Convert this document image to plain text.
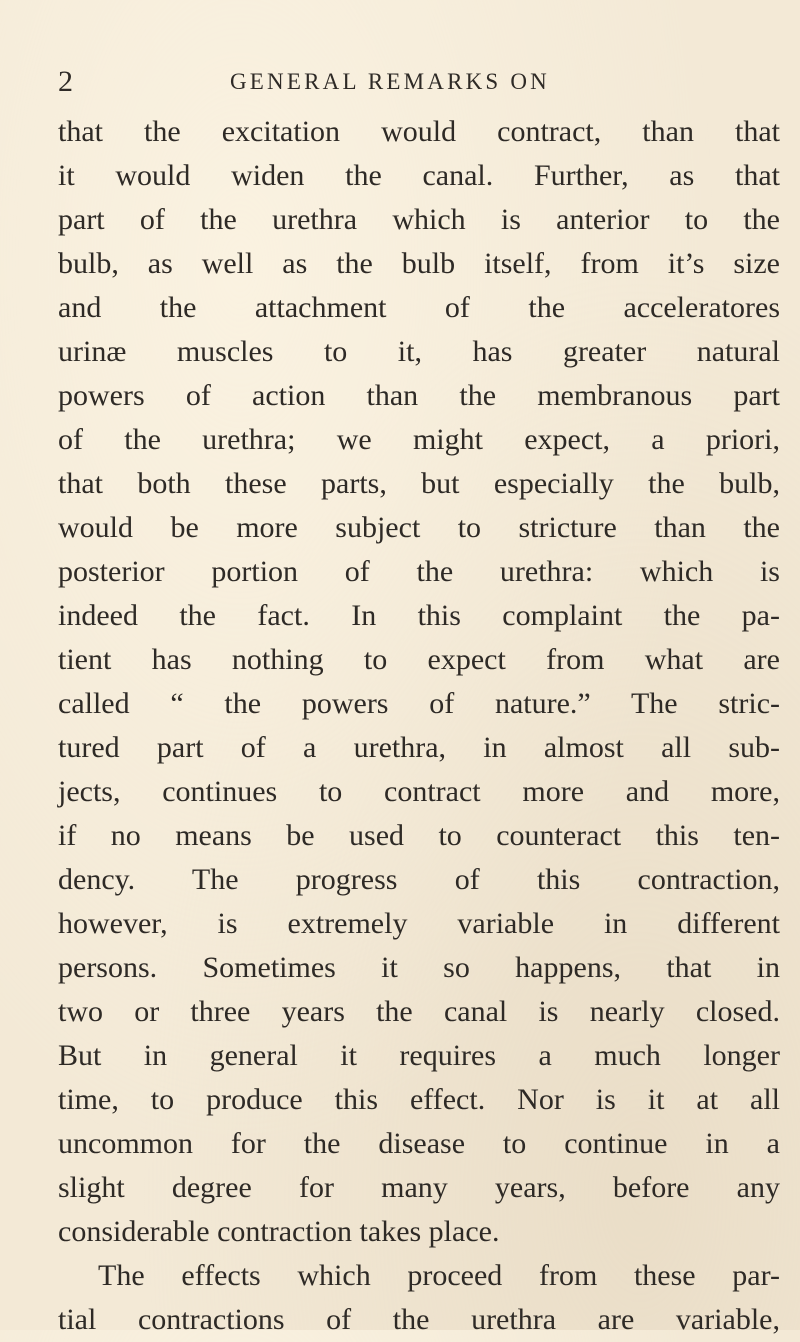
2	GENERAL REMARKS ON
that the excitation would contract, than that
it would widen the canal. Further, as that
part of the urethra which is anterior to the
bulb, as well as the bulb itself, from it’s size
and the attachment of the acceleratores
urinæ muscles to it, has greater natural
powers of action than the membranous part
of the urethra; we might expect, a priori,
that both these parts, but especially the bulb,
would be more subject to stricture than the
posterior portion of the urethra: which is
indeed the fact. In this complaint the pa-
tient has nothing to expect from what are
called “ the powers of nature.” The stric-
tured part of a urethra, in almost all sub-
jects, continues to contract more and more,
if no means be used to counteract this ten-
dency. The progress of this contraction,
however, is extremely variable in different
persons. Sometimes it so happens, that in
two or three years the canal is nearly closed.
But in general it requires a much longer
time, to produce this effect. Nor is it at all
uncommon for the disease to continue in a
slight degree for many years, before any
considerable contraction takes place.
The effects which proceed from these par-
tial contractions of the urethra are variable,
